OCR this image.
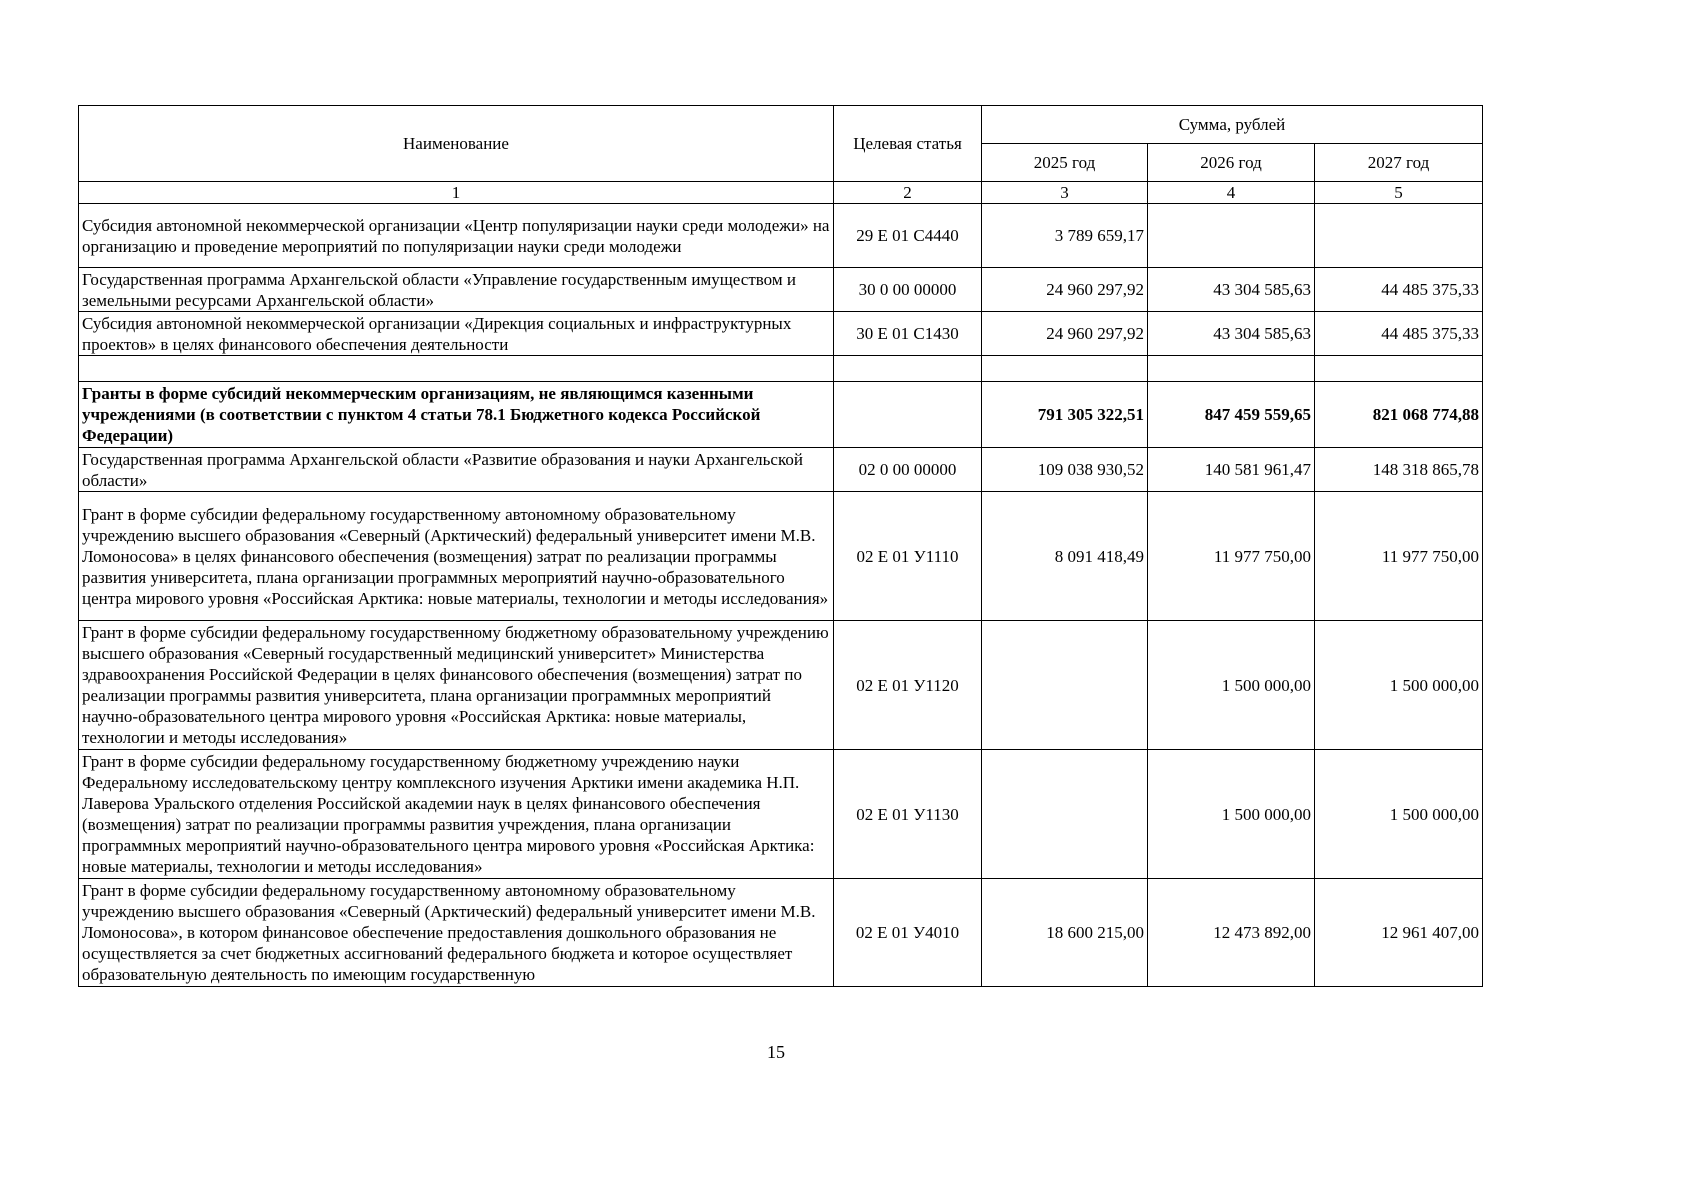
Наименование	Целевая статья	Сумма, рублей		
		2025 год	2026 год	2027 год
1	2	3	4	5
Субсидия автономной некоммерческой организации «Центр популяризации науки среди молодежи» на организацию и проведение мероприятий по популяризации науки среди молодежи	29 Е 01 С4440	3 789 659,17		
Государственная программа Архангельской области «Управление государственным имуществом и земельными ресурсами Архангельской области»	30 0 00 00000	24 960 297,92	43 304 585,63	44 485 375,33
Субсидия автономной некоммерческой организации «Дирекция социальных и инфраструктурных проектов» в целях финансового обеспечения деятельности	30 Е 01 С1430	24 960 297,92	43 304 585,63	44 485 375,33

Гранты в форме субсидий некоммерческим организациям, не являющимся казенными учреждениями (в соответствии с пунктом 4 статьи 78.1 Бюджетного кодекса Российской Федерации)		791 305 322,51	847 459 559,65	821 068 774,88
Государственная программа Архангельской области «Развитие образования и науки Архангельской области»	02 0 00 00000	109 038 930,52	140 581 961,47	148 318 865,78
Грант в форме субсидии федеральному государственному автономному образовательному учреждению высшего образования «Северный (Арктический) федеральный университет имени М.В. Ломоносова» в целях финансового обеспечения (возмещения) затрат по реализации программы развития университета, плана организации программных мероприятий научно-образовательного центра мирового уровня «Российская Арктика: новые материалы, технологии и методы исследования»	02 Е 01 У1110	8 091 418,49	11 977 750,00	11 977 750,00
Грант в форме субсидии федеральному государственному бюджетному образовательному учреждению высшего образования «Северный государственный медицинский университет» Министерства здравоохранения Российской Федерации в целях финансового обеспечения (возмещения) затрат по реализации программы развития университета, плана организации программных мероприятий научно-образовательного центра мирового уровня «Российская Арктика: новые материалы, технологии и методы исследования»	02 Е 01 У1120		1 500 000,00	1 500 000,00
Грант в форме субсидии федеральному государственному бюджетному учреждению науки Федеральному исследовательскому центру комплексного изучения Арктики имени академика Н.П. Лаверова Уральского отделения Российской академии наук в целях финансового обеспечения (возмещения) затрат по реализации программы развития учреждения, плана организации программных мероприятий научно-образовательного центра мирового уровня «Российская Арктика: новые материалы, технологии и методы исследования»	02 Е 01 У1130		1 500 000,00	1 500 000,00
Грант в форме субсидии федеральному государственному автономному образовательному учреждению высшего образования «Северный (Арктический) федеральный университет имени М.В. Ломоносова», в котором финансовое обеспечение предоставления дошкольного образования не осуществляется за счет бюджетных ассигнований федерального бюджета и которое осуществляет образовательную деятельность по имеющим государственную	02 Е 01 У4010	18 600 215,00	12 473 892,00	12 961 407,00
15
